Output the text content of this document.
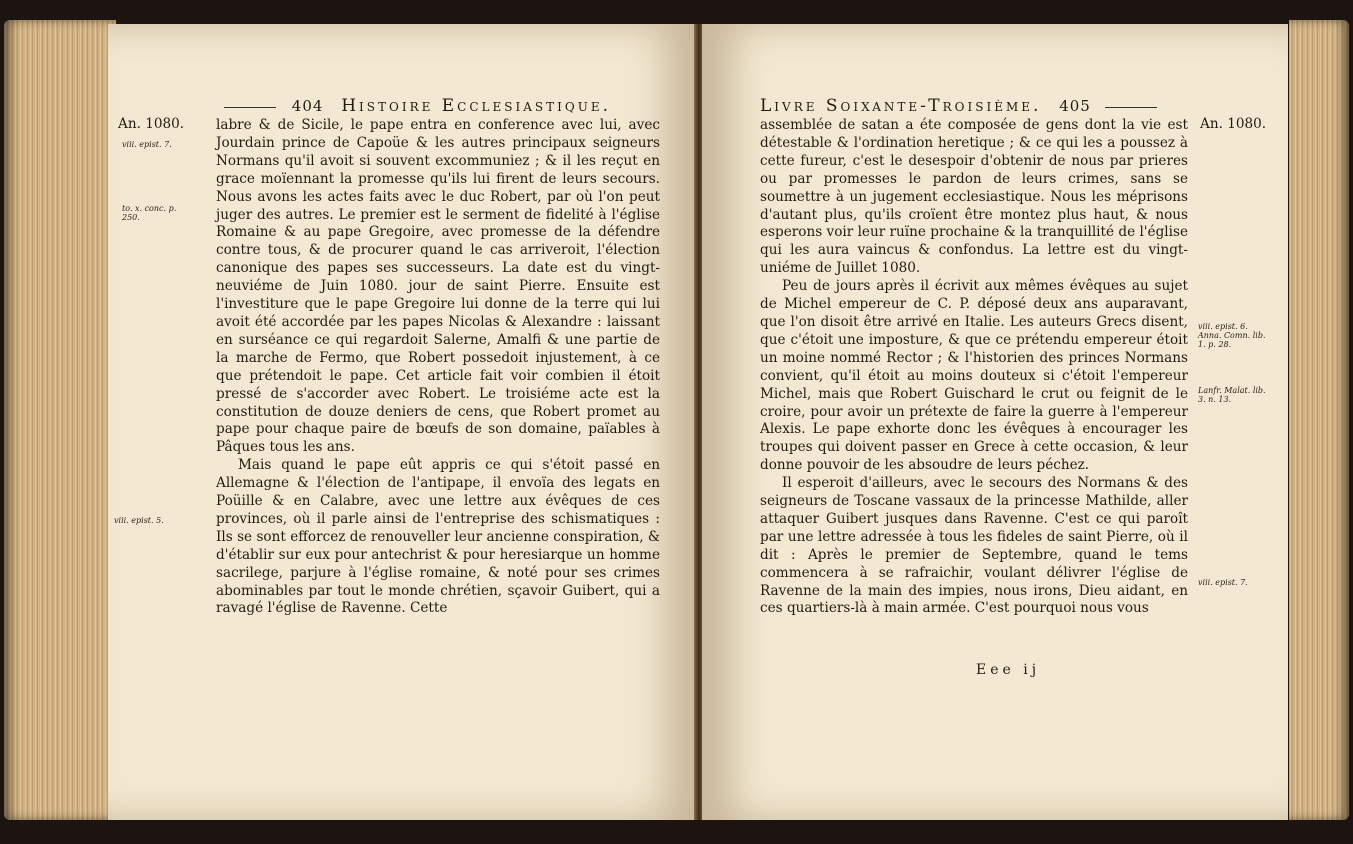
404 Histoire Ecclesiastique.
An. 1080.
viii. epist. 7.
to. x. conc. p. 250.
viii. epist. 5.

labre & de Sicile, le pape entra en conference avec lui, avec Jourdain prince de Capoüe & les autres principaux seigneurs Normans qu'il avoit si souvent excommuniez ; & il les reçut en grace moïennant la promesse qu'ils lui firent de leurs secours. Nous avons les actes faits avec le duc Robert, par où l'on peut juger des autres. Le premier est le serment de fidelité à l'église Romaine & au pape Gregoire, avec promesse de la défendre contre tous, & de procurer quand le cas arriveroit, l'élection canonique des papes ses successeurs. La date est du vingt-neuviéme de Juin 1080. jour de saint Pierre. Ensuite est l'investiture que le pape Gregoire lui donne de la terre qui lui avoit été accordée par les papes Nicolas & Alexandre : laissant en surséance ce qui regardoit Salerne, Amalfi & une partie de la marche de Fermo, que Robert possedoit injustement, à ce que prétendoit le pape. Cet article fait voir combien il étoit pressé de s'accorder avec Robert. Le troisiéme acte est la constitution de douze deniers de cens, que Robert promet au pape pour chaque paire de bœufs de son domaine, païables à Pâques tous les ans.

Mais quand le pape eût appris ce qui s'étoit passé en Allemagne & l'élection de l'antipape, il envoïa des legats en Poüille & en Calabre, avec une lettre aux évêques de ces provinces, où il parle ainsi de l'entreprise des schismatiques : Ils se sont efforcez de renouveller leur ancienne conspiration, & d'établir sur eux pour antechrist & pour heresiarque un homme sacrilege, parjure à l'église romaine, & noté pour ses crimes abominables par tout le monde chrétien, sçavoir Guibert, qui a ravagé l'église de Ravenne. Cette

Livre Soixante-Troisième. 405
An. 1080.
viii. epist. 6. Anna. Comn. lib. 1. p. 28.
Lanfr. Malat. lib. 3. n. 13.
viii. epist. 7.

assemblée de satan a éte composée de gens dont la vie est détestable & l'ordination heretique ; & ce qui les a poussez à cette fureur, c'est le desespoir d'obtenir de nous par prieres ou par promesses le pardon de leurs crimes, sans se soumettre à un jugement ecclesiastique. Nous les méprisons d'autant plus, qu'ils croïent être montez plus haut, & nous esperons voir leur ruïne prochaine & la tranquillité de l'église qui les aura vaincus & confondus. La lettre est du vingt-uniéme de Juillet 1080.

Peu de jours après il écrivit aux mêmes évêques au sujet de Michel empereur de C. P. déposé deux ans auparavant, que l'on disoit être arrivé en Italie. Les auteurs Grecs disent, que c'étoit une imposture, & que ce prétendu empereur étoit un moine nommé Rector ; & l'historien des princes Normans convient, qu'il étoit au moins douteux si c'étoit l'empereur Michel, mais que Robert Guischard le crut ou feignit de le croire, pour avoir un prétexte de faire la guerre à l'empereur Alexis. Le pape exhorte donc les évêques à encourager les troupes qui doivent passer en Grece à cette occasion, & leur donne pouvoir de les absoudre de leurs péchez.

Il esperoit d'ailleurs, avec le secours des Normans & des seigneurs de Toscane vassaux de la princesse Mathilde, aller attaquer Guibert jusques dans Ravenne. C'est ce qui paroît par une lettre adressée à tous les fideles de saint Pierre, où il dit : Après le premier de Septembre, quand le tems commencera à se rafraichir, voulant délivrer l'église de Ravenne de la main des impies, nous irons, Dieu aidant, en ces quartiers-là à main armée. C'est pourquoi nous vous

Eee ij
